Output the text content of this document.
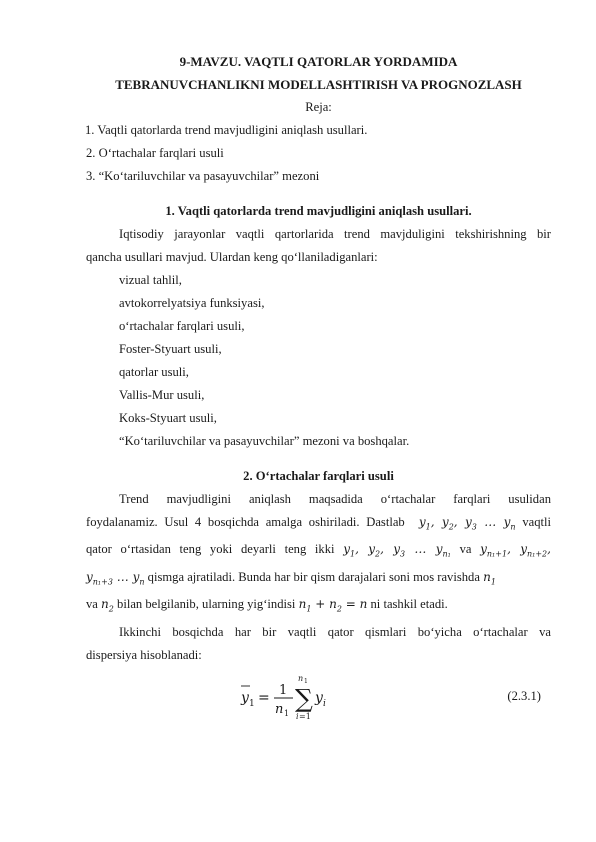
9-MAVZU. VAQTLI QATORLAR YORDAMIDA
TEBRANUVCHANLIKNI MODELLASHTIRISH VA PROGNOZLASH
Reja:
1. Vaqtli qatorlarda trend mavjudligini aniqlash usullari.
2. O‘rtachalar farqlari usuli
3. “Ko‘tariluvchilar va pasayuvchilar” mezoni
1. Vaqtli qatorlarda trend mavjudligini aniqlash usullari.
Iqtisodiy jarayonlar vaqtli qartorlarida trend mavjduligini tekshirishning bir
qancha usullari mavjud. Ulardan keng qo‘llaniladiganlari:
vizual tahlil,
avtokorrelyatsiya funksiyasi,
o‘rtachalar farqlari usuli,
Foster-Styuart usuli,
qatorlar usuli,
Vallis-Mur usuli,
Koks-Styuart usuli,
“Ko‘tariluvchilar va pasayuvchilar” mezoni va boshqalar.
2. O‘rtachalar farqlari usuli
Trend mavjudligini aniqlash maqsadida o‘rtachalar farqlari usulidan
foydalanamiz. Usul 4 bosqichda amalga oshiriladi. Dastlab  $y_1$, $y_2$, $y_3$ … $y_n$ vaqtli
qator o‘rtasidan teng yoki deyarli teng ikki $y_1$, $y_2$, $y_3$ … $y_{n_1}$ va $y_{n_1+1}$, $y_{n_1+2}$,
$y_{n_1+3}$ … $y_n$ qismga ajratiladi. Bunda har bir qism darajalari soni mos ravishda $n_1$
va $n_2$ bilan belgilanib, ularning yig‘indisi $n_1 + n_2 = n$ ni tashkil etadi.
Ikkinchi bosqichda har bir vaqtli qator qismlari bo‘yicha o‘rtachalar va
dispersiya hisoblanadi:
y 1 = 1
n 1
n 1
∑
i =1
y i
(2.3.1)
